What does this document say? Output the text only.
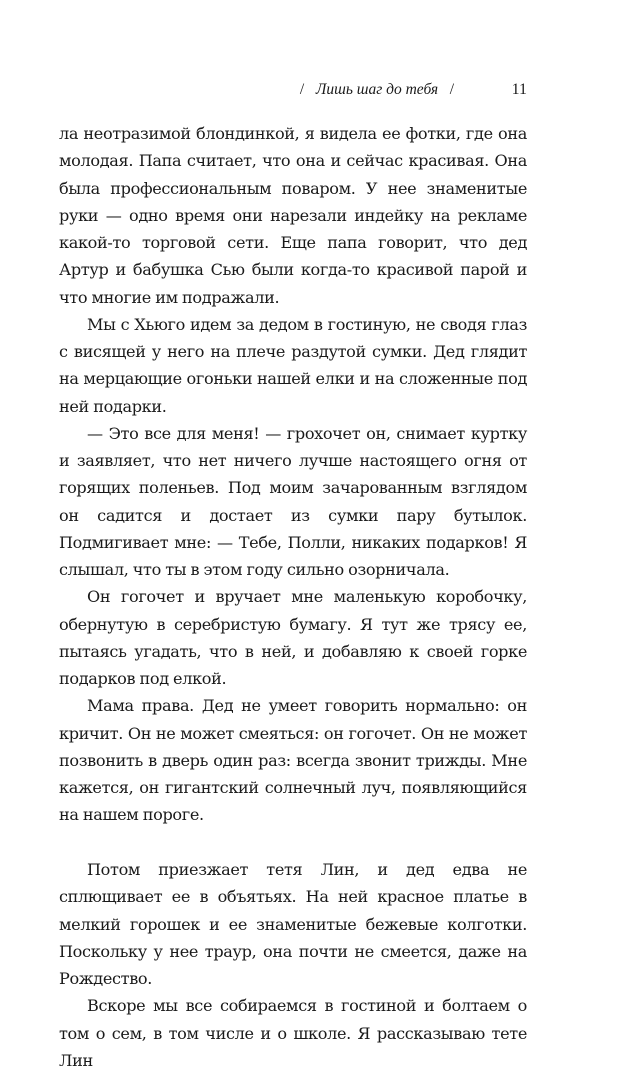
/ Лишь шаг до тебя /	11

ла неотразимой блондинкой, я видела ее фотки, где она молодая. Папа считает, что она и сейчас красивая. Она была профессиональным поваром. У нее знаменитые руки — одно время они нарезали индейку на рекламе какой-то торговой сети. Еще папа говорит, что дед Артур и бабушка Сью были когда-то красивой парой и что многие им подражали.

Мы с Хьюго идем за дедом в гостиную, не сводя глаз с висящей у него на плече раздутой сумки. Дед глядит на мерцающие огоньки нашей елки и на сложенные под ней подарки.

— Это все для меня! — грохочет он, снимает куртку и заявляет, что нет ничего лучше настоящего огня от горящих поленьев. Под моим зачарованным взглядом он садится и достает из сумки пару бутылок. Подмигивает мне: — Тебе, Полли, никаких подарков! Я слышал, что ты в этом году сильно озорничала.

Он гогочет и вручает мне маленькую коробочку, обернутую в серебристую бумагу. Я тут же трясу ее, пытаясь угадать, что в ней, и добавляю к своей горке подарков под елкой.

Мама права. Дед не умеет говорить нормально: он кричит. Он не может смеяться: он гогочет. Он не может позвонить в дверь один раз: всегда звонит трижды. Мне кажется, он гигантский солнечный луч, появляющийся на нашем пороге.

Потом приезжает тетя Лин, и дед едва не сплющивает ее в объятьях. На ней красное платье в мелкий горошек и ее знаменитые бежевые колготки. Поскольку у нее траур, она почти не смеется, даже на Рождество.

Вскоре мы все собираемся в гостиной и болтаем о том о сем, в том числе и о школе. Я рассказываю тете Лин
